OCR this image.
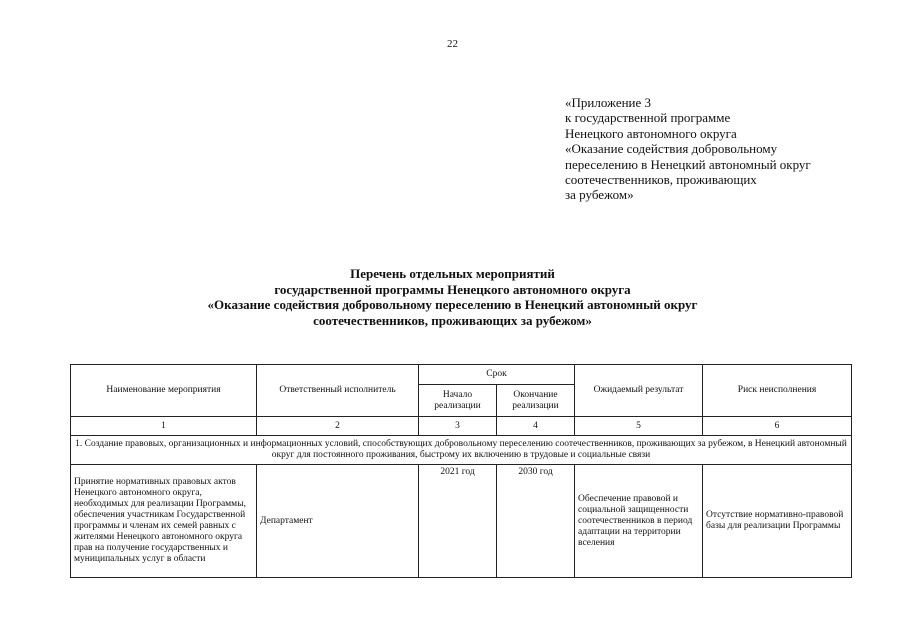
22
«Приложение 3
к государственной программе
Ненецкого автономного округа
«Оказание содействия добровольному
переселению в Ненецкий автономный округ
соотечественников, проживающих
за рубежом»
Перечень отдельных мероприятий
государственной программы Ненецкого автономного округа
«Оказание содействия добровольному переселению в Ненецкий автономный округ
соотечественников, проживающих за рубежом»
Наименование мероприятия	Ответственный исполнитель	Срок		Ожидаемый результат	Риск неисполнения
		Начало реализации	Окончание реализации		
1	2	3	4	5	6
1. Создание правовых, организационных и информационных условий, способствующих добровольному переселению соотечественников, проживающих за рубежом, в Ненецкий автономный округ для постоянного проживания, быстрому их включению в трудовые и социальные связи					
Принятие нормативных правовых актов Ненецкого автономного округа, необходимых для реализации Программы, обеспечения участникам Государственной программы и членам их семей равных с жителями Ненецкого автономного округа прав на получение государственных и муниципальных услуг в области	Департамент	2021 год	2030 год	Обеспечение правовой и социальной защищенности соотечественников в период адаптации на территории вселения	Отсутствие нормативно-правовой базы для реализации Программы
